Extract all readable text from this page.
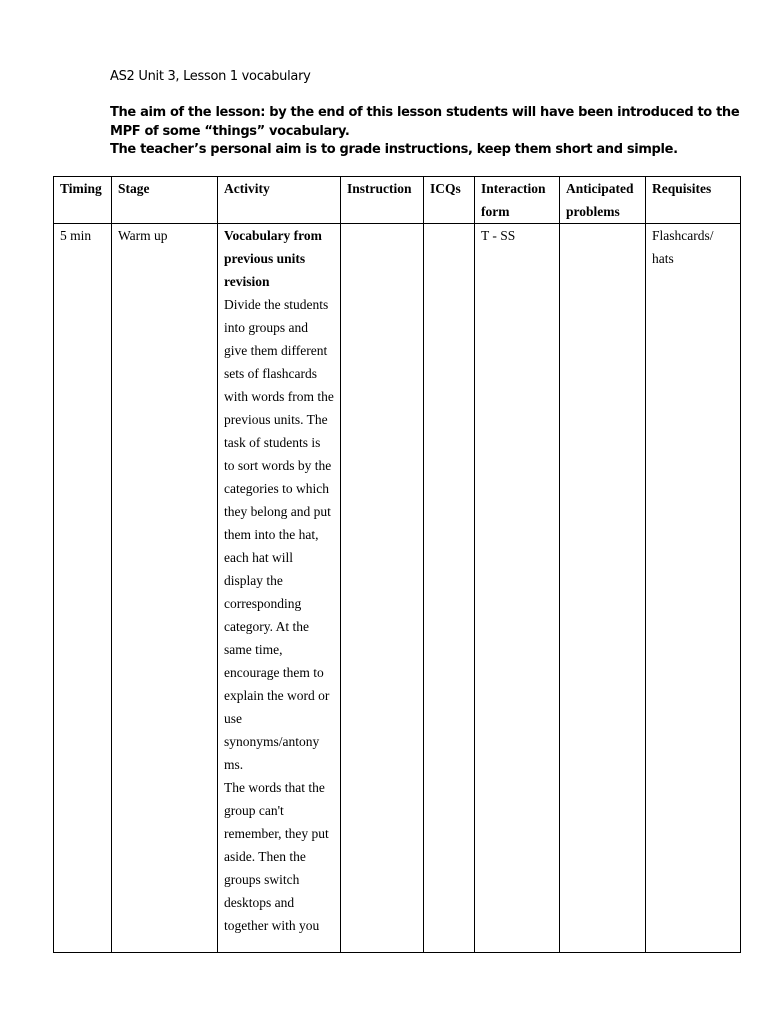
AS2 Unit 3, Lesson 1 vocabulary
The aim of the lesson: by the end of this lesson students will have been introduced to the
MPF of some “things” vocabulary.
The teacher’s personal aim is to grade instructions, keep them short and simple.
Timing	Stage	Activity	Instruction	ICQs	Interaction form	Anticipated problems	Requisites
5 min	Warm up	Vocabulary from previous units revision
Divide the students into groups and give them different sets of flashcards with words from the previous units. The task of students is to sort words by the categories to which they belong and put them into the hat, each hat will display the corresponding category. At the same time, encourage them to explain the word or use synonyms/antony ms.
The words that the group can't remember, they put aside. Then the groups switch desktops and together with you			T - SS		Flashcards/ hats
